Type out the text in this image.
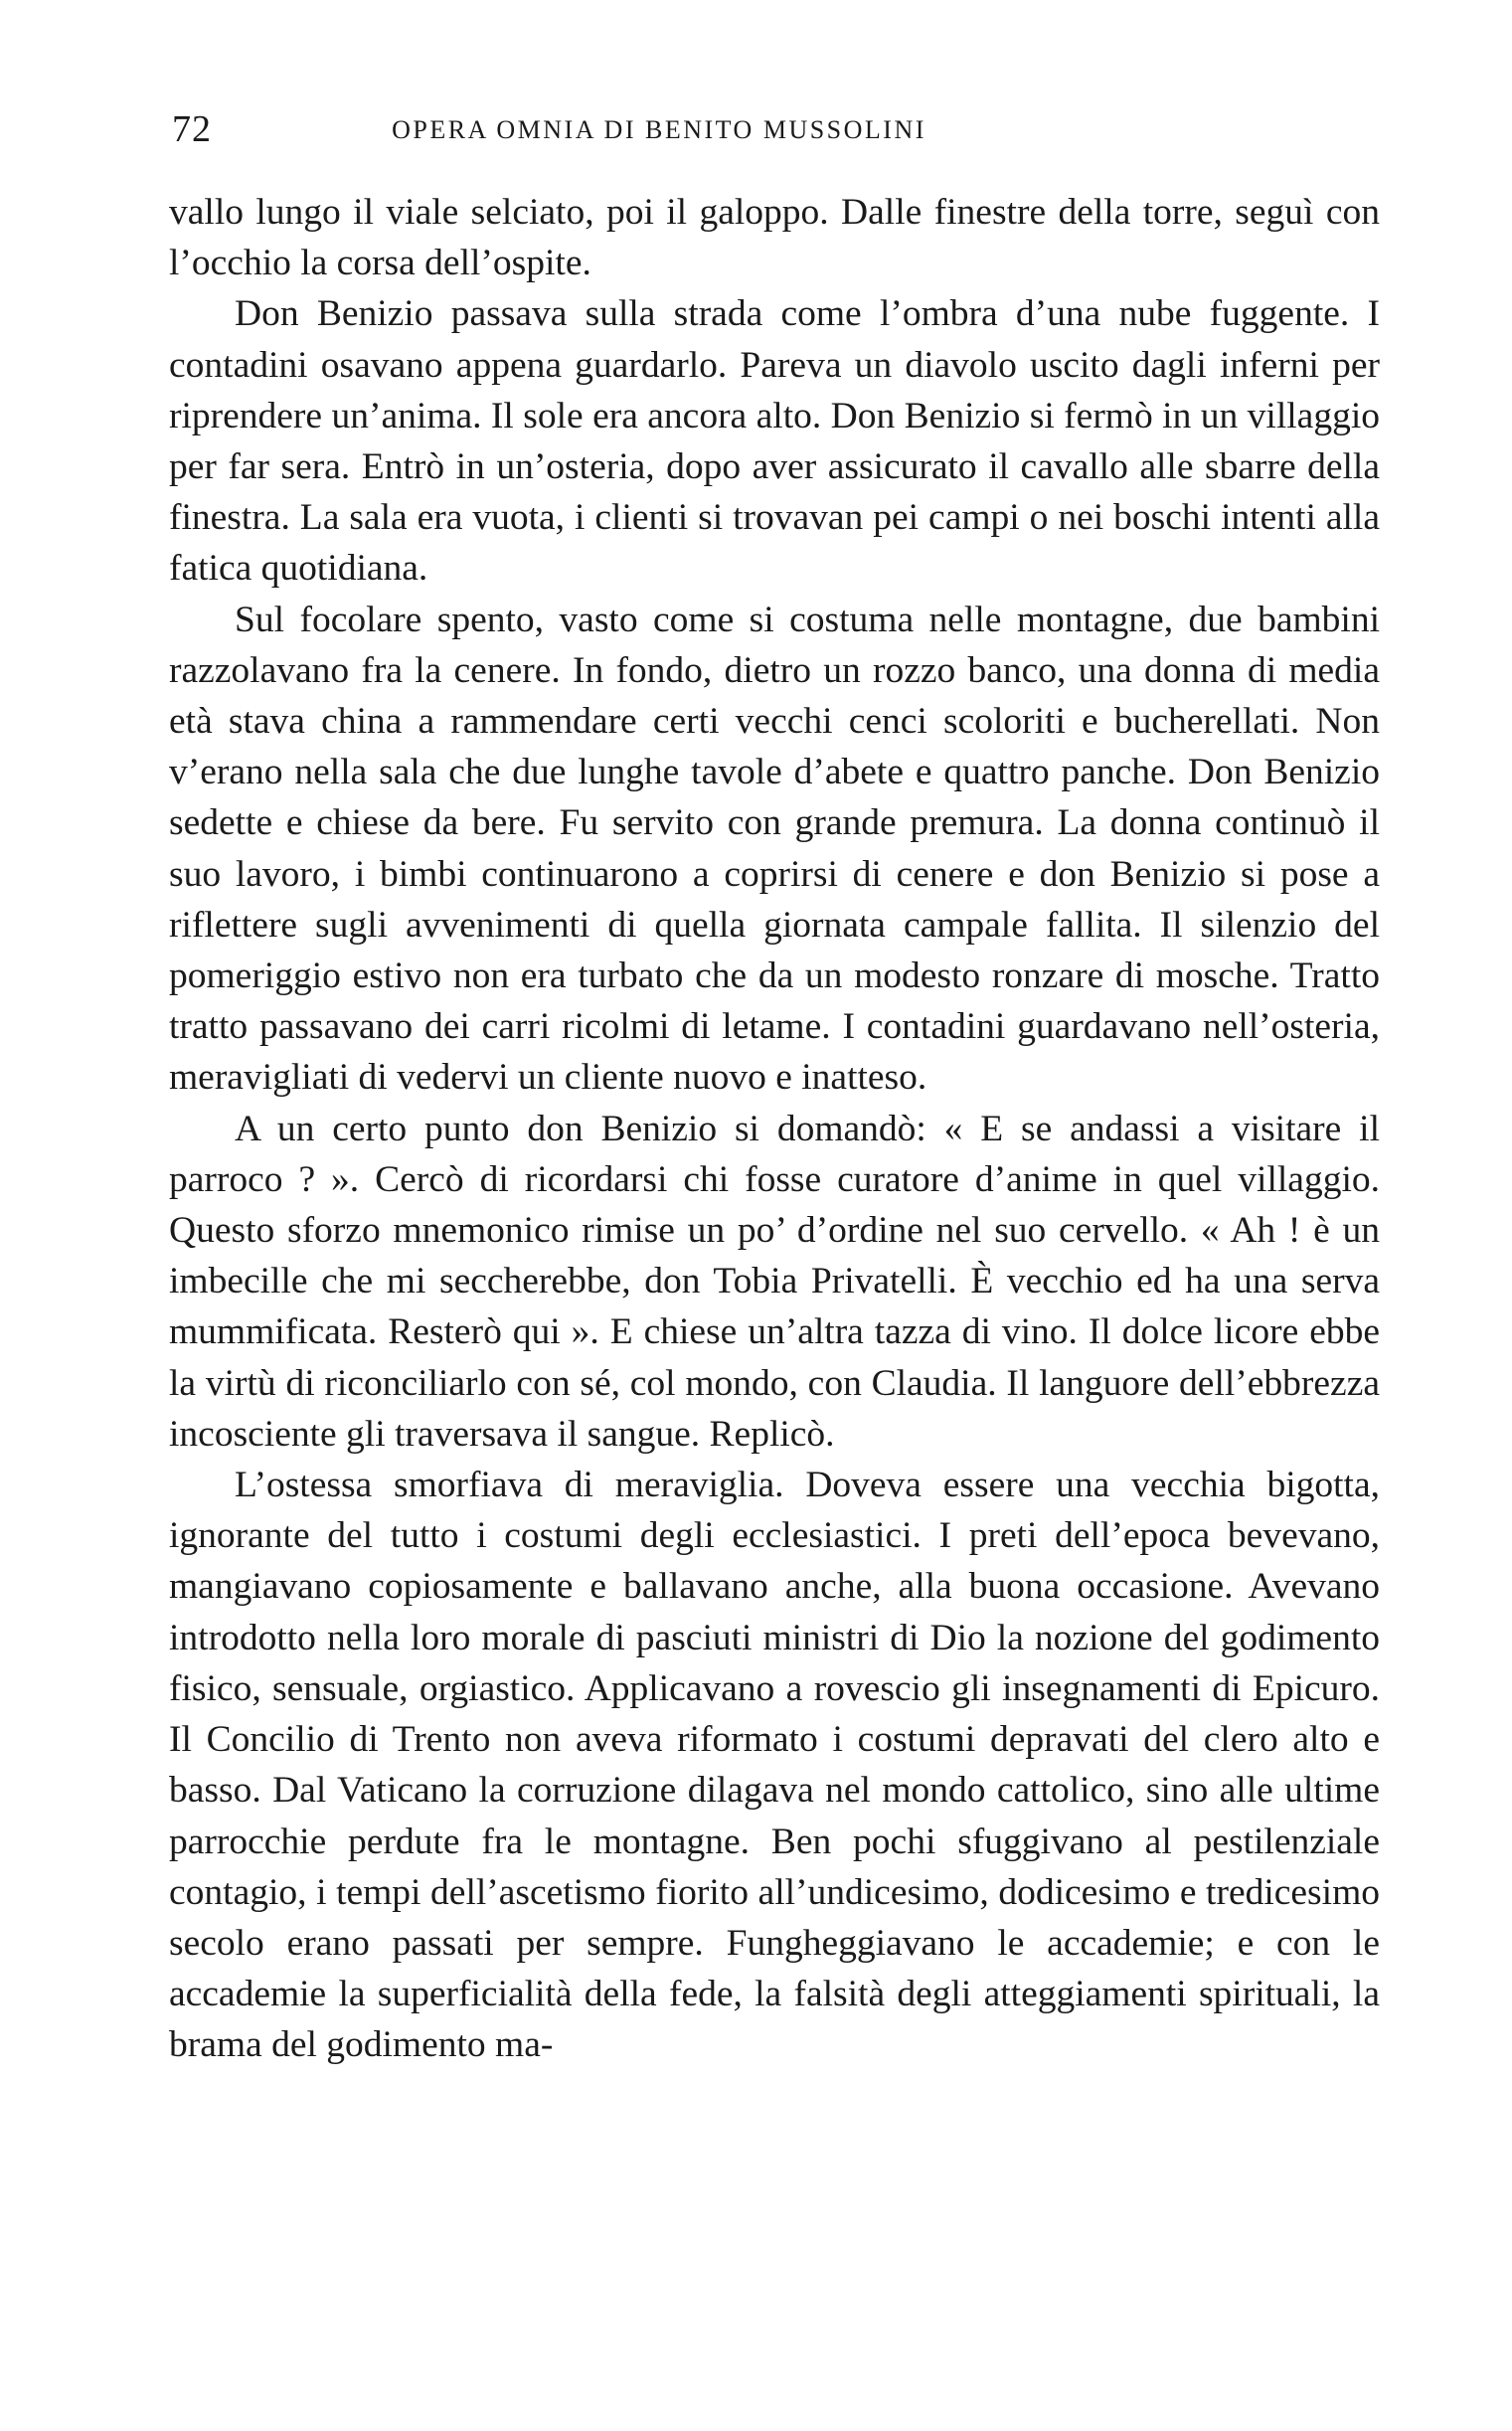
72	OPERA OMNIA DI BENITO MUSSOLINI

vallo lungo il viale selciato, poi il galoppo. Dalle finestre della torre, seguì con l’occhio la corsa dell’ospite.

Don Benizio passava sulla strada come l’ombra d’una nube fuggente. I contadini osavano appena guardarlo. Pareva un diavolo uscito dagli inferni per riprendere un’anima. Il sole era ancora alto. Don Benizio si fermò in un villaggio per far sera. Entrò in un’osteria, dopo aver assicurato il cavallo alle sbarre della finestra. La sala era vuota, i clienti si trovavan pei campi o nei boschi intenti alla fatica quotidiana.

Sul focolare spento, vasto come si costuma nelle montagne, due bambini razzolavano fra la cenere. In fondo, dietro un rozzo banco, una donna di media età stava china a rammendare certi vecchi cenci scoloriti e bucherellati. Non v’erano nella sala che due lunghe tavole d’abete e quattro panche. Don Benizio sedette e chiese da bere. Fu servito con grande premura. La donna continuò il suo lavoro, i bimbi continuarono a coprirsi di cenere e don Benizio si pose a riflettere sugli avvenimenti di quella giornata campale fallita. Il silenzio del pomeriggio estivo non era turbato che da un modesto ronzare di mosche. Tratto tratto passavano dei carri ricolmi di letame. I contadini guardavano nell’osteria, meravigliati di vedervi un cliente nuovo e inatteso.

A un certo punto don Benizio si domandò: « E se andassi a visitare il parroco ? ». Cercò di ricordarsi chi fosse curatore d’anime in quel villaggio. Questo sforzo mnemonico rimise un po’ d’ordine nel suo cervello. « Ah ! è un imbecille che mi seccherebbe, don Tobia Privatelli. È vecchio ed ha una serva mummificata. Resterò qui ». E chiese un’altra tazza di vino. Il dolce licore ebbe la virtù di riconciliarlo con sé, col mondo, con Claudia. Il languore dell’ebbrezza incosciente gli traversava il sangue. Replicò.

L’ostessa smorfiava di meraviglia. Doveva essere una vecchia bigotta, ignorante del tutto i costumi degli ecclesiastici. I preti dell’epoca bevevano, mangiavano copiosamente e ballavano anche, alla buona occasione. Avevano introdotto nella loro morale di pasciuti ministri di Dio la nozione del godimento fisico, sensuale, orgiastico. Applicavano a rovescio gli insegnamenti di Epicuro. Il Concilio di Trento non aveva riformato i costumi depravati del clero alto e basso. Dal Vaticano la corruzione dilagava nel mondo cattolico, sino alle ultime parrocchie perdute fra le montagne. Ben pochi sfuggivano al pestilenziale contagio, i tempi dell’ascetismo fiorito all’undicesimo, dodicesimo e tredicesimo secolo erano passati per sempre. Funghеggiavano le accademie; e con le accademie la superficialità della fede, la falsità degli atteggiamenti spirituali, la brama del godimento ma-
